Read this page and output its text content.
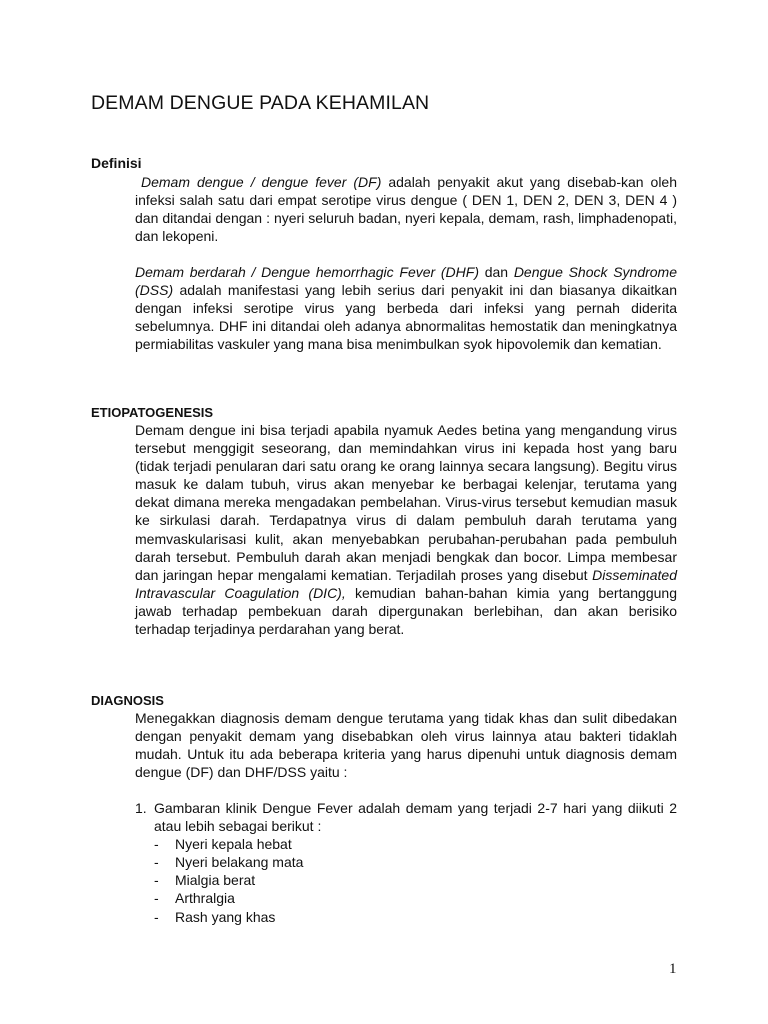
DEMAM DENGUE PADA KEHAMILAN
Definisi

Demam dengue / dengue fever (DF) adalah penyakit akut yang disebab-kan oleh infeksi salah satu dari empat serotipe virus dengue ( DEN 1, DEN 2, DEN 3, DEN 4 ) dan ditandai dengan : nyeri seluruh badan, nyeri kepala, demam, rash, limphadenopati, dan lekopeni.

Demam berdarah / Dengue hemorrhagic Fever (DHF) dan Dengue Shock Syndrome (DSS) adalah manifestasi yang lebih serius dari penyakit ini dan biasanya dikaitkan dengan infeksi serotipe virus yang berbeda dari infeksi yang pernah diderita sebelumnya. DHF ini ditandai oleh adanya abnormalitas hemostatik dan meningkatnya permiabilitas vaskuler yang mana bisa menimbulkan syok hipovolemik dan kematian.

ETIOPATOGENESIS

Demam dengue ini bisa terjadi apabila nyamuk Aedes betina yang mengandung virus tersebut menggigit seseorang, dan memindahkan virus ini kepada host yang baru (tidak terjadi penularan dari satu orang ke orang lainnya secara langsung). Begitu virus masuk ke dalam tubuh, virus akan menyebar ke berbagai kelenjar, terutama yang dekat dimana mereka mengadakan pembelahan. Virus-virus tersebut kemudian masuk ke sirkulasi darah. Terdapatnya virus di dalam pembuluh darah terutama yang memvaskularisasi kulit, akan menyebabkan perubahan-perubahan pada pembuluh darah tersebut. Pembuluh darah akan menjadi bengkak dan bocor. Limpa membesar dan jaringan hepar mengalami kematian. Terjadilah proses yang disebut Disseminated Intravascular Coagulation (DIC), kemudian bahan-bahan kimia yang bertanggung jawab terhadap pembekuan darah dipergunakan berlebihan, dan akan berisiko terhadap terjadinya perdarahan yang berat.

DIAGNOSIS

Menegakkan diagnosis demam dengue terutama yang tidak khas dan sulit dibedakan dengan penyakit demam yang disebabkan oleh virus lainnya atau bakteri tidaklah mudah. Untuk itu ada beberapa kriteria yang harus dipenuhi untuk diagnosis demam dengue (DF) dan DHF/DSS yaitu :

1. Gambaran klinik Dengue Fever adalah demam yang terjadi 2-7 hari yang diikuti 2 atau lebih sebagai berikut :
-	Nyeri kepala hebat
-	Nyeri belakang mata
-	Mialgia berat
-	Arthralgia
-	Rash yang khas
1
